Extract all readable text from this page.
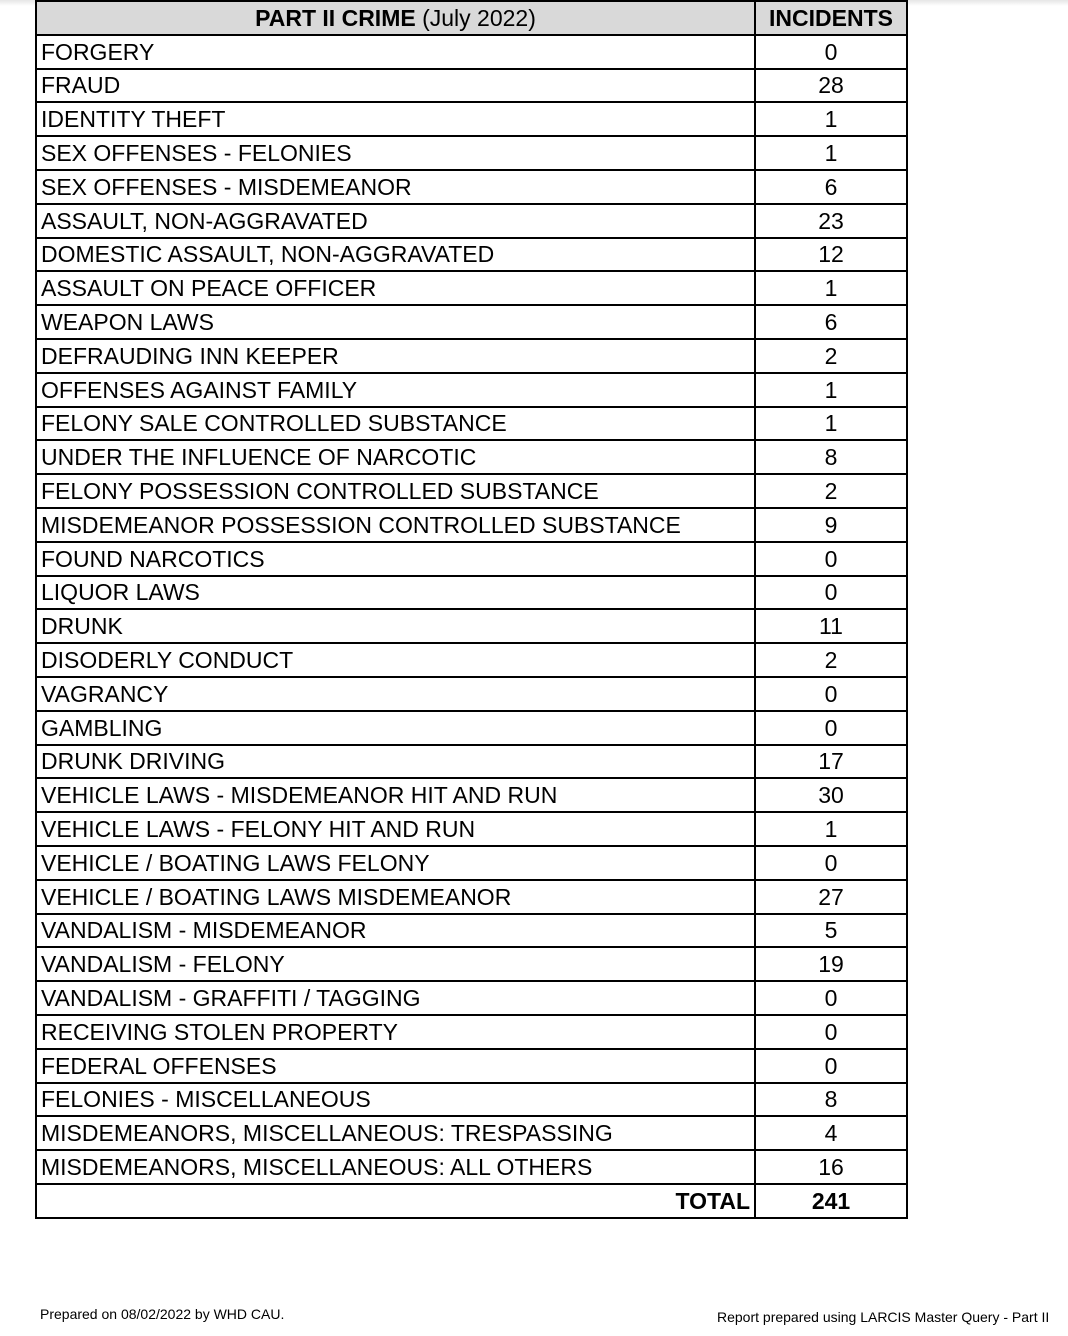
PART II CRIME (July 2022)	INCIDENTS
FORGERY	0
FRAUD	28
IDENTITY THEFT	1
SEX OFFENSES - FELONIES	1
SEX OFFENSES - MISDEMEANOR	6
ASSAULT, NON-AGGRAVATED	23
DOMESTIC ASSAULT, NON-AGGRAVATED	12
ASSAULT ON PEACE OFFICER	1
WEAPON LAWS	6
DEFRAUDING INN KEEPER	2
OFFENSES AGAINST FAMILY	1
FELONY SALE CONTROLLED SUBSTANCE	1
UNDER THE INFLUENCE OF NARCOTIC	8
FELONY POSSESSION CONTROLLED SUBSTANCE	2
MISDEMEANOR POSSESSION CONTROLLED SUBSTANCE	9
FOUND NARCOTICS	0
LIQUOR LAWS	0
DRUNK	11
DISODERLY CONDUCT	2
VAGRANCY	0
GAMBLING	0
DRUNK DRIVING	17
VEHICLE LAWS - MISDEMEANOR HIT AND RUN	30
VEHICLE LAWS - FELONY HIT AND RUN	1
VEHICLE / BOATING LAWS FELONY	0
VEHICLE / BOATING LAWS MISDEMEANOR	27
VANDALISM - MISDEMEANOR	5
VANDALISM - FELONY	19
VANDALISM - GRAFFITI / TAGGING	0
RECEIVING STOLEN PROPERTY	0
FEDERAL OFFENSES	0
FELONIES - MISCELLANEOUS	8
MISDEMEANORS, MISCELLANEOUS: TRESPASSING	4
MISDEMEANORS, MISCELLANEOUS: ALL OTHERS	16
TOTAL	241
Prepared on 08/02/2022 by WHD CAU.	Report prepared using LARCIS Master Query - Part II
